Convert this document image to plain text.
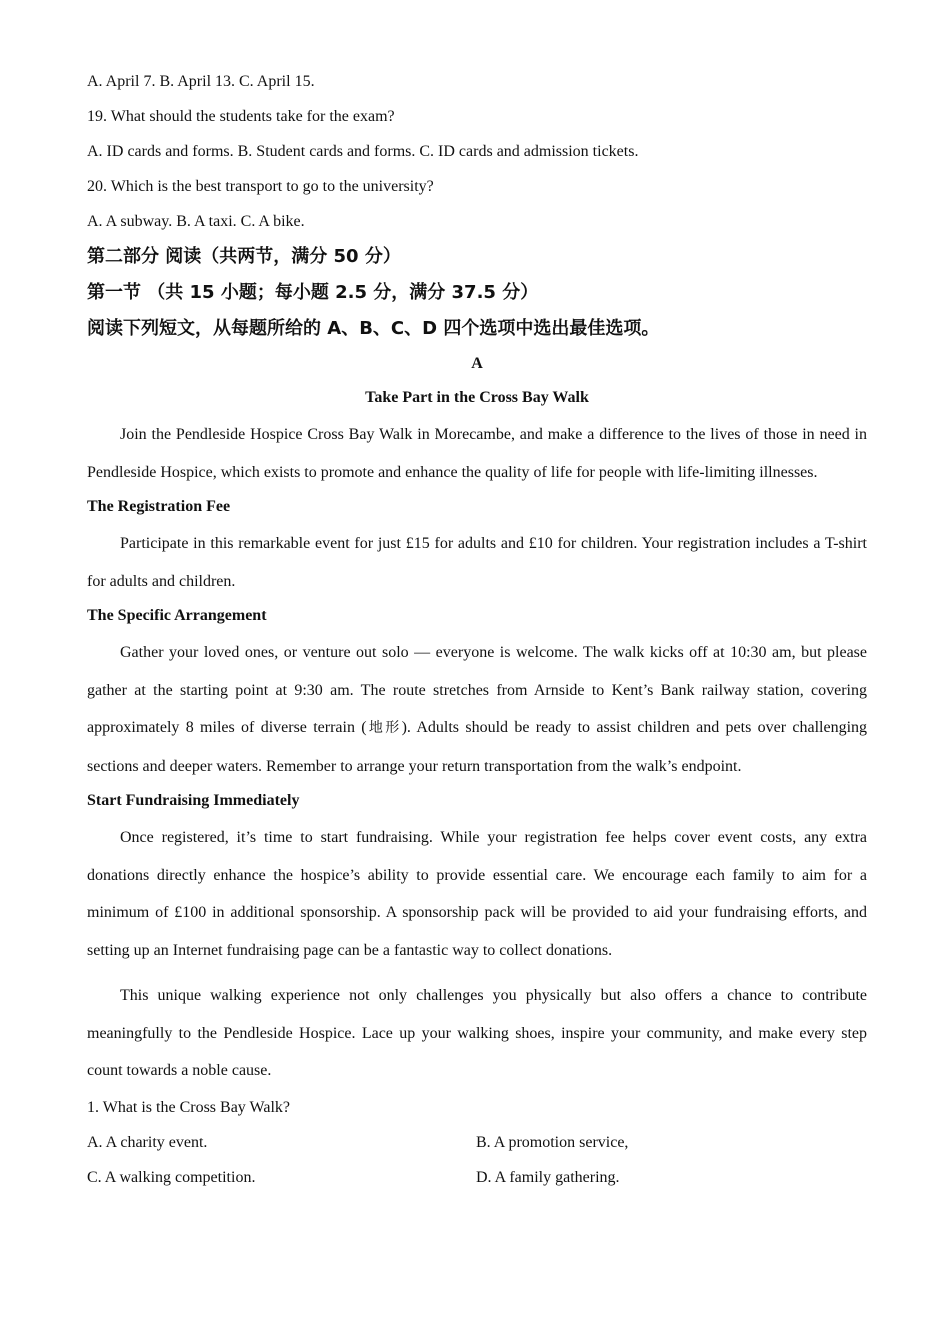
A. April 7. B. April 13. C. April 15.

19. What should the students take for the exam?

A. ID cards and forms. B. Student cards and forms. C. ID cards and admission tickets.

20. Which is the best transport to go to the university?

A. A subway. B. A taxi. C. A bike.

第二部分 阅读（共两节，满分 50 分）
第一节 （共 15 小题；每小题 2.5 分，满分 37.5 分）
阅读下列短文，从每题所给的 A、B、C、D 四个选项中选出最佳选项。
A
Take Part in the Cross Bay Walk

Join the Pendleside Hospice Cross Bay Walk in Morecambe, and make a difference to the lives of those in need in Pendleside Hospice, which exists to promote and enhance the quality of life for people with life-limiting illnesses.

The Registration Fee

Participate in this remarkable event for just £15 for adults and £10 for children. Your registration includes a T-shirt for adults and children.

The Specific Arrangement

Gather your loved ones, or venture out solo — everyone is welcome. The walk kicks off at 10:30 am, but please gather at the starting point at 9:30 am. The route stretches from Arnside to Kent’s Bank railway station, covering approximately 8 miles of diverse terrain (地形). Adults should be ready to assist children and pets over challenging sections and deeper waters. Remember to arrange your return transportation from the walk’s endpoint.

Start Fundraising Immediately

Once registered, it’s time to start fundraising. While your registration fee helps cover event costs, any extra donations directly enhance the hospice’s ability to provide essential care. We encourage each family to aim for a minimum of £100 in additional sponsorship. A sponsorship pack will be provided to aid your fundraising efforts, and setting up an Internet fundraising page can be a fantastic way to collect donations.

This unique walking experience not only challenges you physically but also offers a chance to contribute meaningfully to the Pendleside Hospice. Lace up your walking shoes, inspire your community, and make every step count towards a noble cause.

1. What is the Cross Bay Walk?

A. A charity event.	B. A promotion service,
C. A walking competition.	D. A family gathering.
